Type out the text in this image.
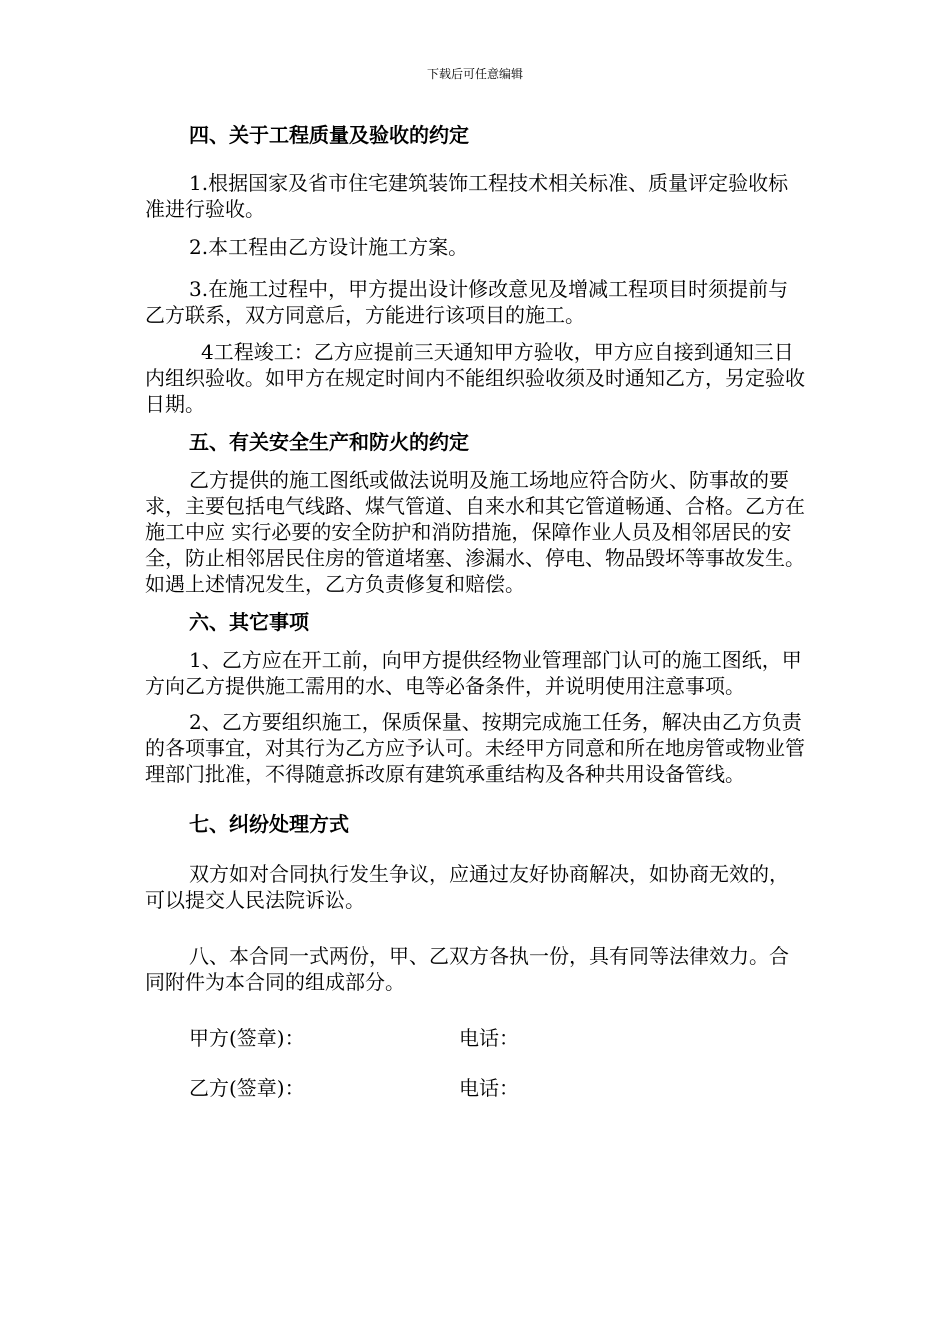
下载后可任意编辑

四、关于工程质量及验收的约定

1.根据国家及省市住宅建筑装饰工程技术相关标准、质量评定验收标准进行验收。

2.本工程由乙方设计施工方案。

3.在施工过程中，甲方提出设计修改意见及增减工程项目时须提前与乙方联系，双方同意后，方能进行该项目的施工。

4工程竣工：乙方应提前三天通知甲方验收，甲方应自接到通知三日内组织验收。如甲方在规定时间内不能组织验收须及时通知乙方，另定验收日期。

五、有关安全生产和防火的约定

乙方提供的施工图纸或做法说明及施工场地应符合防火、防事故的要求，主要包括电气线路、煤气管道、自来水和其它管道畅通、合格。乙方在施工中应 实行必要的安全防护和消防措施，保障作业人员及相邻居民的安全，防止相邻居民住房的管道堵塞、渗漏水、停电、物品毁坏等事故发生。如遇上述情况发生，乙方负责修复和赔偿。

六、其它事项

1、乙方应在开工前，向甲方提供经物业管理部门认可的施工图纸，甲方向乙方提供施工需用的水、电等必备条件，并说明使用注意事项。

2、乙方要组织施工，保质保量、按期完成施工任务，解决由乙方负责的各项事宜，对其行为乙方应予认可。未经甲方同意和所在地房管或物业管理部门批准，不得随意拆改原有建筑承重结构及各种共用设备管线。

七、纠纷处理方式

双方如对合同执行发生争议，应通过友好协商解决，如协商无效的，可以提交人民法院诉讼。

八、本合同一式两份，甲、乙双方各执一份，具有同等法律效力。合同附件为本合同的组成部分。

甲方(签章)：	电话：
乙方(签章)：	电话：
